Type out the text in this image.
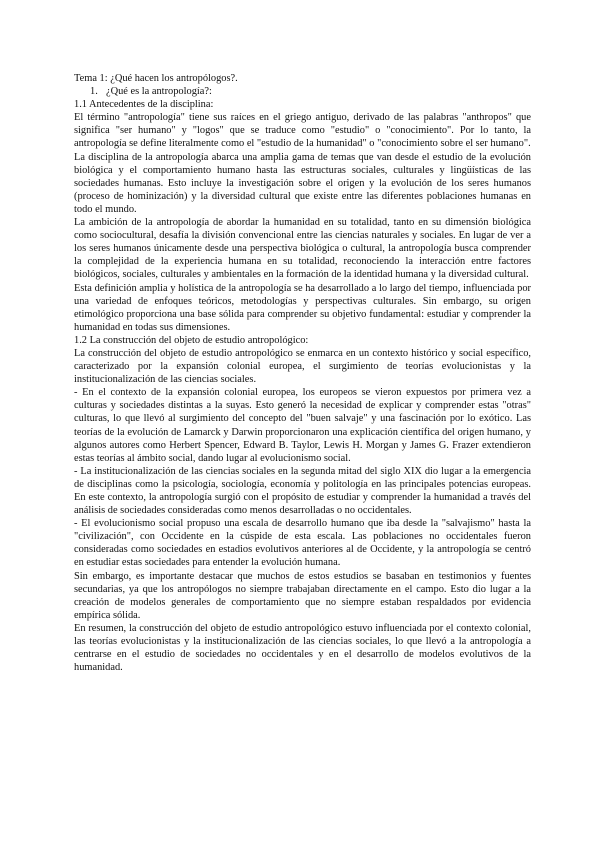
Tema 1: ¿Qué hacen los antropólogos?.

1. ¿Qué es la antropología?:

1.1 Antecedentes de la disciplina:

El término "antropología" tiene sus raíces en el griego antiguo, derivado de las palabras "anthropos" que significa "ser humano" y "logos" que se traduce como "estudio" o "conocimiento". Por lo tanto, la antropología se define literalmente como el "estudio de la humanidad" o "conocimiento sobre el ser humano".

La disciplina de la antropología abarca una amplia gama de temas que van desde el estudio de la evolución biológica y el comportamiento humano hasta las estructuras sociales, culturales y lingüísticas de las sociedades humanas. Esto incluye la investigación sobre el origen y la evolución de los seres humanos (proceso de hominización) y la diversidad cultural que existe entre las diferentes poblaciones humanas en todo el mundo.

La ambición de la antropología de abordar la humanidad en su totalidad, tanto en su dimensión biológica como sociocultural, desafía la división convencional entre las ciencias naturales y sociales. En lugar de ver a los seres humanos únicamente desde una perspectiva biológica o cultural, la antropología busca comprender la complejidad de la experiencia humana en su totalidad, reconociendo la interacción entre factores biológicos, sociales, culturales y ambientales en la formación de la identidad humana y la diversidad cultural.

Esta definición amplia y holística de la antropología se ha desarrollado a lo largo del tiempo, influenciada por una variedad de enfoques teóricos, metodologías y perspectivas culturales. Sin embargo, su origen etimológico proporciona una base sólida para comprender su objetivo fundamental: estudiar y comprender la humanidad en todas sus dimensiones.

1.2 La construcción del objeto de estudio antropológico:

La construcción del objeto de estudio antropológico se enmarca en un contexto histórico y social específico, caracterizado por la expansión colonial europea, el surgimiento de teorías evolucionistas y la institucionalización de las ciencias sociales.

- En el contexto de la expansión colonial europea, los europeos se vieron expuestos por primera vez a culturas y sociedades distintas a la suyas. Esto generó la necesidad de explicar y comprender estas "otras" culturas, lo que llevó al surgimiento del concepto del "buen salvaje" y una fascinación por lo exótico. Las teorías de la evolución de Lamarck y Darwin proporcionaron una explicación científica del origen humano, y algunos autores como Herbert Spencer, Edward B. Taylor, Lewis H. Morgan y James G. Frazer extendieron estas teorías al ámbito social, dando lugar al evolucionismo social.

- La institucionalización de las ciencias sociales en la segunda mitad del siglo XIX dio lugar a la emergencia de disciplinas como la psicología, sociología, economía y politología en las principales potencias europeas. En este contexto, la antropología surgió con el propósito de estudiar y comprender la humanidad a través del análisis de sociedades consideradas como menos desarrolladas o no occidentales.

- El evolucionismo social propuso una escala de desarrollo humano que iba desde la "salvajismo" hasta la "civilización", con Occidente en la cúspide de esta escala. Las poblaciones no occidentales fueron consideradas como sociedades en estadios evolutivos anteriores al de Occidente, y la antropología se centró en estudiar estas sociedades para entender la evolución humana.

Sin embargo, es importante destacar que muchos de estos estudios se basaban en testimonios y fuentes secundarias, ya que los antropólogos no siempre trabajaban directamente en el campo. Esto dio lugar a la creación de modelos generales de comportamiento que no siempre estaban respaldados por evidencia empírica sólida.

En resumen, la construcción del objeto de estudio antropológico estuvo influenciada por el contexto colonial, las teorías evolucionistas y la institucionalización de las ciencias sociales, lo que llevó a la antropología a centrarse en el estudio de sociedades no occidentales y en el desarrollo de modelos evolutivos de la humanidad.
